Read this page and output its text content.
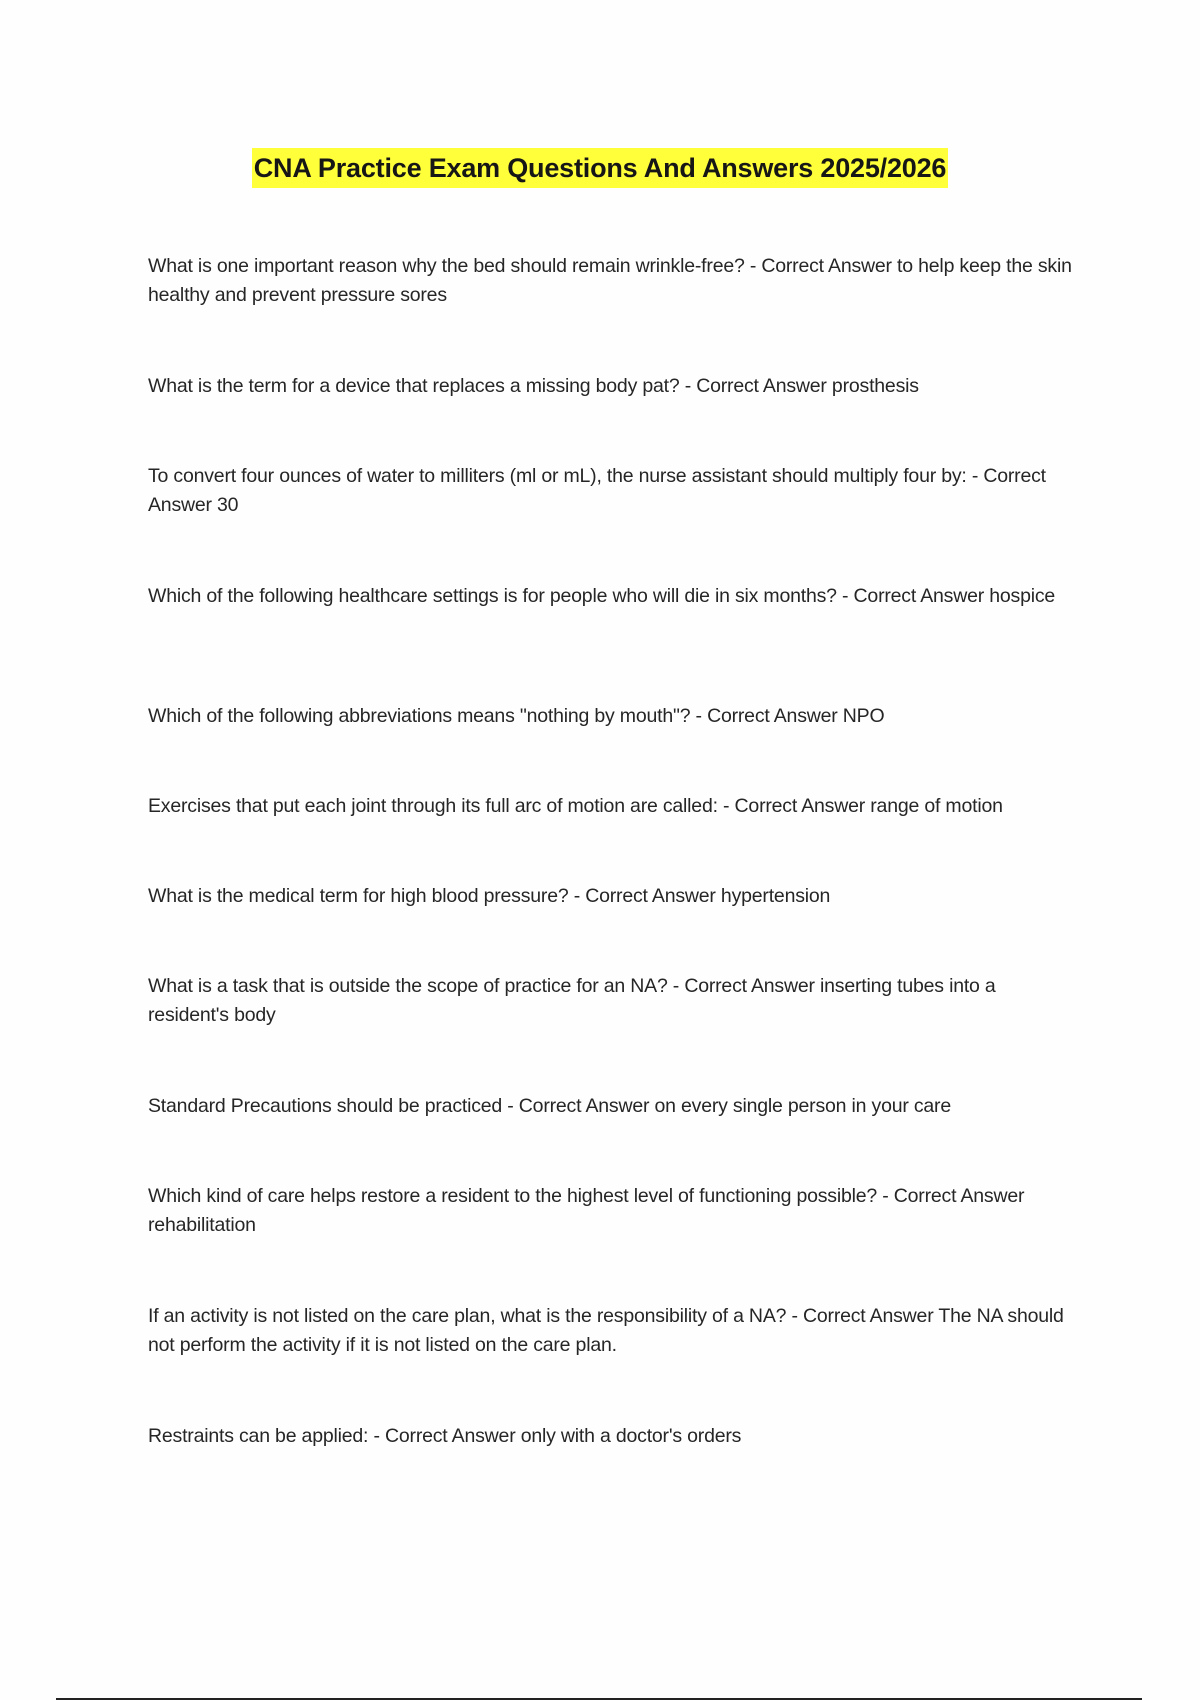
CNA Practice Exam Questions And Answers 2025/2026
What is one important reason why the bed should remain wrinkle-free? - Correct Answer to help keep the skin healthy and prevent pressure sores
What is the term for a device that replaces a missing body pat? - Correct Answer prosthesis
To convert four ounces of water to milliters (ml or mL), the nurse assistant should multiply four by: - Correct Answer 30
Which of the following healthcare settings is for people who will die in six months? - Correct Answer hospice
Which of the following abbreviations means "nothing by mouth"? - Correct Answer NPO
Exercises that put each joint through its full arc of motion are called: - Correct Answer range of motion
What is the medical term for high blood pressure? - Correct Answer hypertension
What is a task that is outside the scope of practice for an NA? - Correct Answer inserting tubes into a resident's body
Standard Precautions should be practiced - Correct Answer on every single person in your care
Which kind of care helps restore a resident to the highest level of functioning possible? - Correct Answer rehabilitation
If an activity is not listed on the care plan, what is the responsibility of a NA? - Correct Answer The NA should not perform the activity if it is not listed on the care plan.
Restraints can be applied: - Correct Answer only with a doctor's orders
